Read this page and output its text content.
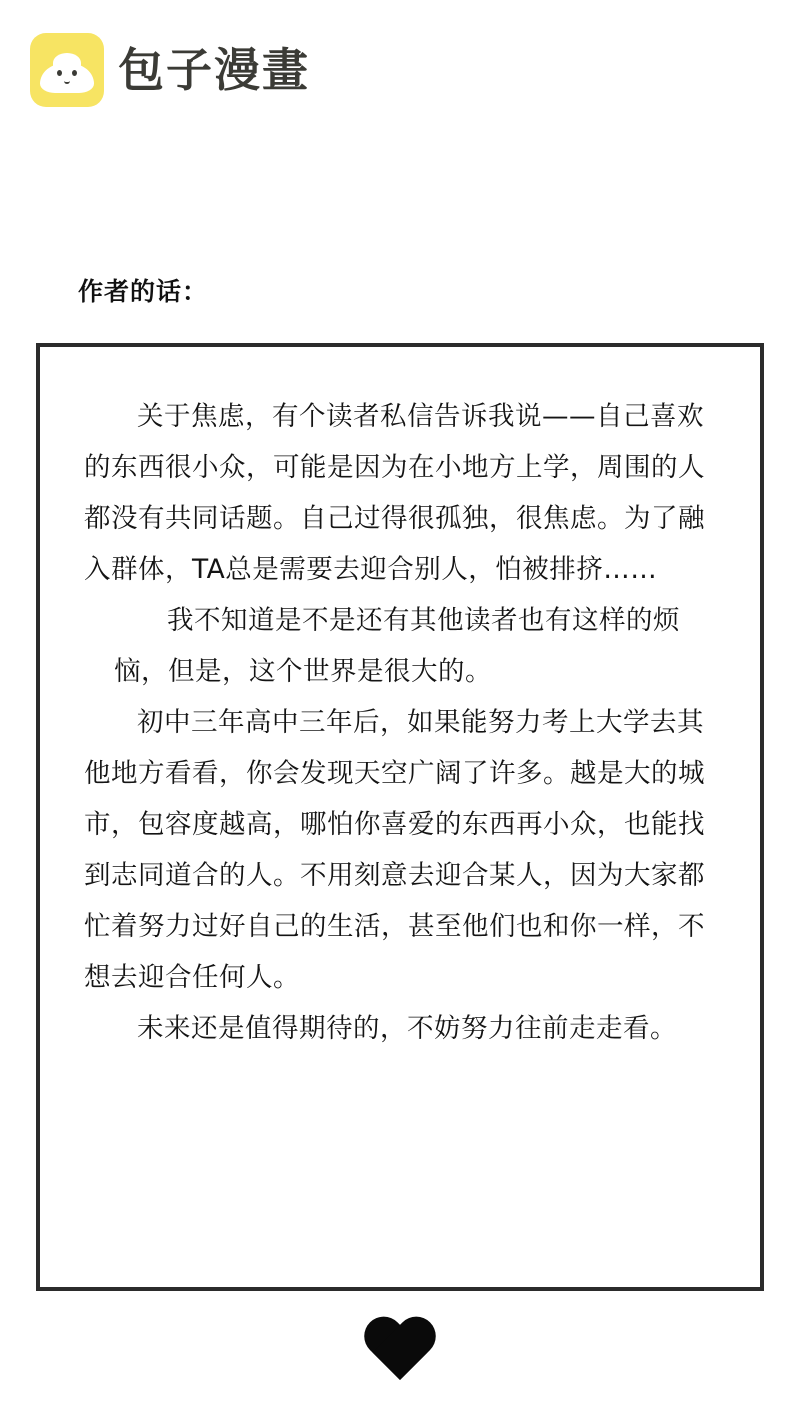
包子漫畫
作者的话：

关于焦虑，有个读者私信告诉我说——自己喜欢的东西很小众，可能是因为在小地方上学，周围的人都没有共同话题。自己过得很孤独，很焦虑。为了融入群体，TA总是需要去迎合别人，怕被排挤……

我不知道是不是还有其他读者也有这样的烦恼，但是，这个世界是很大的。

初中三年高中三年后，如果能努力考上大学去其他地方看看，你会发现天空广阔了许多。越是大的城市，包容度越高，哪怕你喜爱的东西再小众，也能找到志同道合的人。不用刻意去迎合某人，因为大家都忙着努力过好自己的生活，甚至他们也和你一样，不想去迎合任何人。

未来还是值得期待的，不妨努力往前走走看。
